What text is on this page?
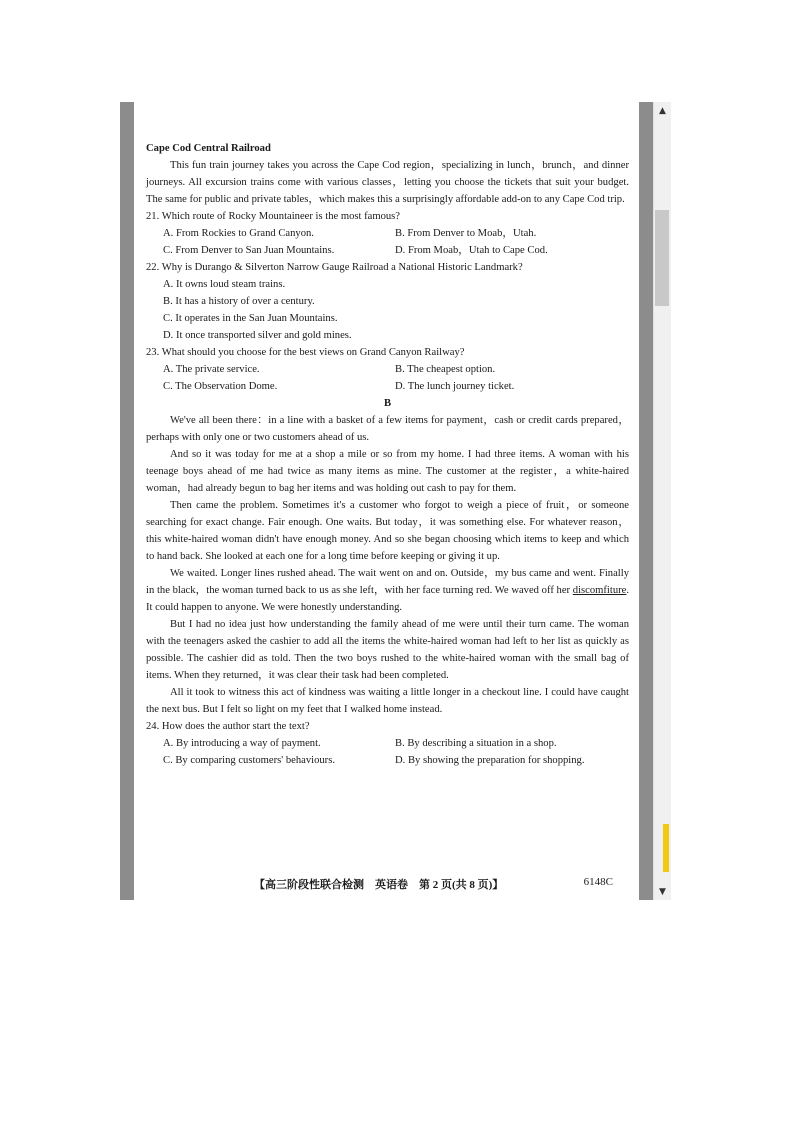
Cape Cod Central Railroad

This fun train journey takes you across the Cape Cod region，specializing in lunch，brunch，and dinner journeys. All excursion trains come with various classes，letting you choose the tickets that suit your budget. The same for public and private tables，which makes this a surprisingly affordable add-on to any Cape Cod trip.

21. Which route of Rocky Mountaineer is the most famous?

A. From Rockies to Grand Canyon.	B. From Denver to Moab，Utah.
C. From Denver to San Juan Mountains.	D. From Moab，Utah to Cape Cod.

22. Why is Durango & Silverton Narrow Gauge Railroad a National Historic Landmark?

A. It owns loud steam trains.

B. It has a history of over a century.

C. It operates in the San Juan Mountains.

D. It once transported silver and gold mines.

23. What should you choose for the best views on Grand Canyon Railway?

A. The private service.	B. The cheapest option.
C. The Observation Dome.	D. The lunch journey ticket.

B

We've all been there：in a line with a basket of a few items for payment，cash or credit cards prepared，perhaps with only one or two customers ahead of us.

And so it was today for me at a shop a mile or so from my home. I had three items. A woman with his teenage boys ahead of me had twice as many items as mine. The customer at the register，a white-haired woman，had already begun to bag her items and was holding out cash to pay for them.

Then came the problem. Sometimes it's a customer who forgot to weigh a piece of fruit，or someone searching for exact change. Fair enough. One waits. But today，it was something else. For whatever reason，this white-haired woman didn't have enough money. And so she began choosing which items to keep and which to hand back. She looked at each one for a long time before keeping or giving it up.

We waited. Longer lines rushed ahead. The wait went on and on. Outside，my bus came and went. Finally in the black，the woman turned back to us as she left，with her face turning red. We waved off her discomfiture. It could happen to anyone. We were honestly understanding.

But I had no idea just how understanding the family ahead of me were until their turn came. The woman with the teenagers asked the cashier to add all the items the white-haired woman had left to her list as quickly as possible. The cashier did as told. Then the two boys rushed to the white-haired woman with the small bag of items. When they returned，it was clear their task had been completed.

All it took to witness this act of kindness was waiting a little longer in a checkout line. I could have caught the next bus. But I felt so light on my feet that I walked home instead.

24. How does the author start the text?

A. By introducing a way of payment.	B. By describing a situation in a shop.
C. By comparing customers' behaviours.	D. By showing the preparation for shopping.
【高三阶段性联合检测　英语卷　第 2 页(共 8 页)】	6148C
▲
▼
